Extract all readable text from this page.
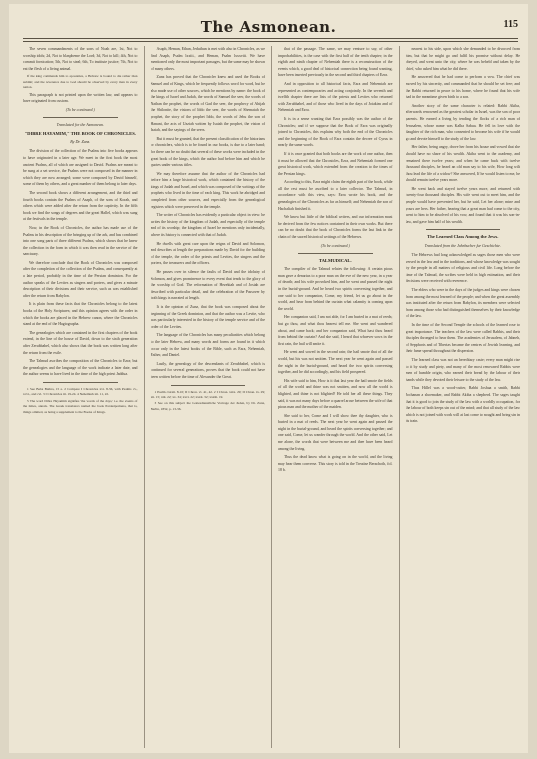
The Asmonean.	115

The seven commandments of the sons of Noah are, 1st, Not to worship idols; 2d, Not to blaspheme the Lord; 3d, Not to kill; 4th, Not to commit fornication; 5th, Not to steal; 6th, To institute justice; 7th, Not to eat the flesh of a living animal.

If the king commands him to apostatize, a Hebrew is bound to die rather than submit; and the reverence due to God should be observed by every man in every nation.

This paragraph is not printed upon the written law, and appears to have originated from custom.

(To be continued.)

Translated for the Asmonean.

"DIBRE HAYAMIM," THE BOOK OF CHRONICLES.

By Dr. Zunz.

The division of the collection of the Psalms into five books appears to have originated in a later age. We meet in the first book the most ancient Psalms, all of which are assigned to David. Psalms are meant to be sung at a set service, the Psalms were not composed in the manner in which they are now arranged; some were composed by David himself, some of them by others, and a great number of them belong to later days.

The second book shows a different arrangement, and the third and fourth books contain the Psalms of Asaph, of the sons of Korah, and others which were added after the return from the captivity. In the fifth book we find the songs of degrees and the great Hallel, which was sung at the festivals in the temple.

Now, in the Book of Chronicles, the author has made use of the Psalms in his description of the bringing up of the ark, and has combined into one song parts of three different Psalms, which shows that he knew the collection in the form in which it was then read in the service of the sanctuary.

We therefore conclude that the Book of Chronicles was composed after the completion of the collection of the Psalms, and consequently at a late period, probably in the time of the Persian dominion. For the author speaks of the Levites as singers and porters, and gives a minute description of their divisions and their service, such as was established after the return from Babylon.

It is plain from these facts that the Chronicles belong to the latest books of the Holy Scriptures; and this opinion agrees with the order in which the books are placed in the Hebrew canon, where the Chronicles stand at the end of the Hagiographa.

The genealogies which are contained in the first chapters of the book extend, in the line of the house of David, down to the sixth generation after Zerubbabel, which also shows that the book was written long after the return from the exile.

The Talmud ascribes the composition of the Chronicles to Ezra; but the genealogies and the language of the work indicate a later date, and the author seems to have lived in the time of the high priest Jaddua.

1 See Baba Bathra, 15 a. 2 Compare I Chronicles xvi. 8-36, with Psalms cv., xcvi., and cvi. 3 I Chronicles iii. 19-24. 4 Nehemiah xii. 11, 22.

5 The word Dibre Hayamim signifies 'the words of the days,' i.e. the events of the times, annals. The Greek translators named the book Paraleipomena, that is, things omitted, as being a supplement to the Books of Kings.

Asaph, Heman, Ethan, Jeduthun is met with also in Chronicles, as we find Asaph, Psalm lxxiii., and Heman, Psalm lxxxviii. We have mentioned only the most important passages, but the same may be shown of many others.

Zunz has proved that the Chronicler knew and used the Books of Samuel and of Kings, which he frequently follows word for word, but he also made use of other sources, which he mentions by name: the book of the kings of Israel and Judah, the words of Samuel the seer, the words of Nathan the prophet, the words of Gad the seer, the prophecy of Ahijah the Shilonite, the visions of Iddo the seer, the words of Shemaiah the prophet, the story of the prophet Iddo, the words of Jehu the son of Hanani, the acts of Uzziah written by Isaiah the prophet, the vision of Isaiah, and the sayings of the seers.

But it must be granted, that the present classification of the historians or chroniclers, which is to be found in our books, is due to a later hand; for there can be no doubt that several of these works were included in the great book of the kings, which the author had before him and which he quotes under various titles.

We may therefore assume that the author of the Chronicles had before him a large historical work, which contained the history of the kings of Judah and Israel, and which was composed of the writings of the prophets who lived in the time of each king. This work he abridged and completed from other sources, and especially from the genealogical registers which were preserved in the temple.

The writer of Chronicles has evidently a particular object in view: he writes the history of the kingdom of Judah, and especially of the temple and of its worship; the kingdom of Israel he mentions only incidentally, where its history is connected with that of Judah.

He dwells with great care upon the reigns of David and Solomon, and describes at length the preparations made by David for the building of the temple, the order of the priests and Levites, the singers and the porters, the treasurers and the officers.

He passes over in silence the faults of David and the idolatry of Solomon, and gives prominence to every event that tends to the glory of the worship of God. The reformation of Hezekiah and of Josiah are described with particular detail, and the celebration of the Passover by both kings is narrated at length.

It is the opinion of Zunz, that the book was composed about the beginning of the Greek dominion, and that the author was a Levite, who was particularly interested in the history of the temple service and of the order of the Levites.

The language of the Chronicles has many peculiarities which belong to the later Hebrew, and many words and forms are found in it which occur only in the latest books of the Bible, such as Ezra, Nehemiah, Esther, and Daniel.

Lastly, the genealogy of the descendants of Zerubbabel, which is continued for several generations, proves that the book could not have been written before the time of Alexander the Great.

1 Psalm cxxxii. 8-10; II Chron. vi. 41, 42. 2 I Chron. xxix. 29; II Chron. ix. 29; xii. 15; xiii. 22; xx. 34; xxvi. 22; xxxii. 32; xxxiii. 19.

3 See on this subject the Gottesdienstliche Vortrage der Juden, by Dr. Zunz, Berlin, 1832, p. 13-36.

that of the passage. The same, we may venture to say, of other improbabilities, is the case with the first half of the tenth chapter; in the eighth and ninth chapter of Nehemiah there is a reconstruction of the events which, a good deal of historical connection being found wanting, have been inserted previously in the second and third chapters of Ezra.

And in opposition to all historical facts, Ezra and Nehemiah are represented as contemporaries and acting conjointly. In the seventh and twelfth chapter there are lists of the priests and Levites who returned with Zerubbabel, and of those who lived in the days of Joiakim and of Nehemiah and Ezra.

It is in a sense wanting that Ezra possibly was the author of the Chronicles; and if we suppose that the Book of Ezra was originally joined to Chronicles, this explains why both the end of the Chronicles and the beginning of the Book of Ezra contain the decree of Cyrus in nearly the same words.

If it is once granted that both books are the work of one author, then it must be allowed that the Chronicles, Ezra, and Nehemiah formed one great historical work, which extended from the creation to the times of the Persian kings.

According to this, Ezra might claim the eighth part of the book, while all the rest must be ascribed to a later collector. The Talmud, in accordance with this view, says: Ezra wrote his book, and the genealogies of the Chronicles as far as himself; and Nehemiah the son of Hachaliah finished it.

We know but little of the biblical writers, and our information must be derived from the few notices contained in their own works. But there can be no doubt that the book of Chronicles forms the last link in the chain of the sacred historical writings of the Hebrews.

(To be continued.)

TALMUDICAL.

The compiler of the Talmud relates the following: A certain pious man gave a denarius to a poor man on the eve of the new year, in a year of dearth; and his wife provoked him, and he went and passed the night in the burial-ground. And he heard two spirits conversing together, and one said to her companion, Come, my friend, let us go about in the world, and hear from behind the curtain what calamity is coming upon the world.

Her companion said, I am not able, for I am buried in a mat of reeds; but go thou, and what thou hearest tell me. She went and wandered about, and came back; and her companion said, What hast thou heard from behind the curtain? And she said, I heard that whoever sows in the first rain, the hail will smite it.

He went and sowed in the second rain; the hail smote that of all the world, but his was not smitten. The next year he went again and passed the night in the burial-ground, and heard the two spirits conversing together, and he did accordingly, and his field prospered.

His wife said to him, How is it that last year the hail smote the fields of all the world and thine was not smitten, and now all the world is blighted, and thine is not blighted? He told her all these things. They said, it was not many days before a quarrel arose between the wife of that pious man and the mother of the maiden.

She said to her, Come and I will show thee thy daughter, who is buried in a mat of reeds. The next year he went again and passed the night in the burial-ground, and heard the spirits conversing together; and one said, Come, let us wander through the world. And the other said, Let me alone, the words that were between me and thee have been heard among the living.

Thus the dead know what is going on in the world, and the living may hear them converse. This story is told in the Treatise Berachoth, fol. 18 b.

nearest to his side, upon which she demanded to be divorced from him, but that he might go and fulfil his promise without delay. He obeyed, and went unto the city, where he was beheld and taken by the chief, who asked him what he did there.

He answered that he had come to perform a vow. The chief was moved by his sincerity, and commanded that he should be set free; and the Rabbi returned in peace to his home, where he found that his wife had in the meantime given birth to a son.

Another story of the same character is related: Rabbi Akiba, afterwards renowned as the greatest scholar in Israel, was the son of poor parents. He earned a living by tending the flocks of a rich man of Jerusalem, whose name was Kalba Sabua. He fell in love with the daughter of the rich man, who consented to become his wife if he would go and devote himself to the study of the law.

Her father, being angry, drove her from his house and vowed that she should have no share of his wealth. Akiba went to the academy, and remained there twelve years; and when he came back with twelve thousand disciples, he heard an old man say to his wife, How long wilt thou lead the life of a widow? She answered, If he would listen to me, he should remain twelve years more.

He went back and stayed twelve years more, and returned with twenty-four thousand disciples. His wife went out to meet him, and the people would have prevented her, but he said, Let her alone; mine and yours are hers. Her father, hearing that a great man had come to the city, went to him to be absolved of his vow, and found that it was his son-in-law, and gave him half of his wealth.

The Learned Class Among the Jews.

Translated from the Jahrbucher fur Geschichte.

The Hebrews had long acknowledged as sages those men who were versed in the law and in the traditions, and whose knowledge was sought by the people in all matters of religious and civil life. Long before the time of the Talmud, the scribes were held in high estimation, and their decisions were received with reverence.

The elders who were in the days of the judges and kings were chosen from among the most learned of the people; and when the great assembly was instituted after the return from Babylon, its members were selected from among those who had distinguished themselves by their knowledge of the law.

In the time of the Second Temple the schools of the learned rose to great importance. The teachers of the law were called Rabbis, and their disciples thronged to hear them. The academies of Jerusalem, of Jabneh, of Sepphoris and of Tiberias became the centres of Jewish learning, and their fame spread throughout the dispersion.

The learned class was not an hereditary caste; every man might rise to it by study and piety, and many of the most renowned Rabbis were men of humble origin, who earned their bread by the labour of their hands while they devoted their leisure to the study of the law.

Thus Hillel was a wood-cutter, Rabbi Joshua a smith, Rabbi Jochanan a shoemaker, and Rabbi Akiba a shepherd. The sages taught that it is good to join the study of the law with a worldly occupation, for the labour of both keeps sin out of the mind; and that all study of the law which is not joined with work will at last come to nought and bring sin in its train.
